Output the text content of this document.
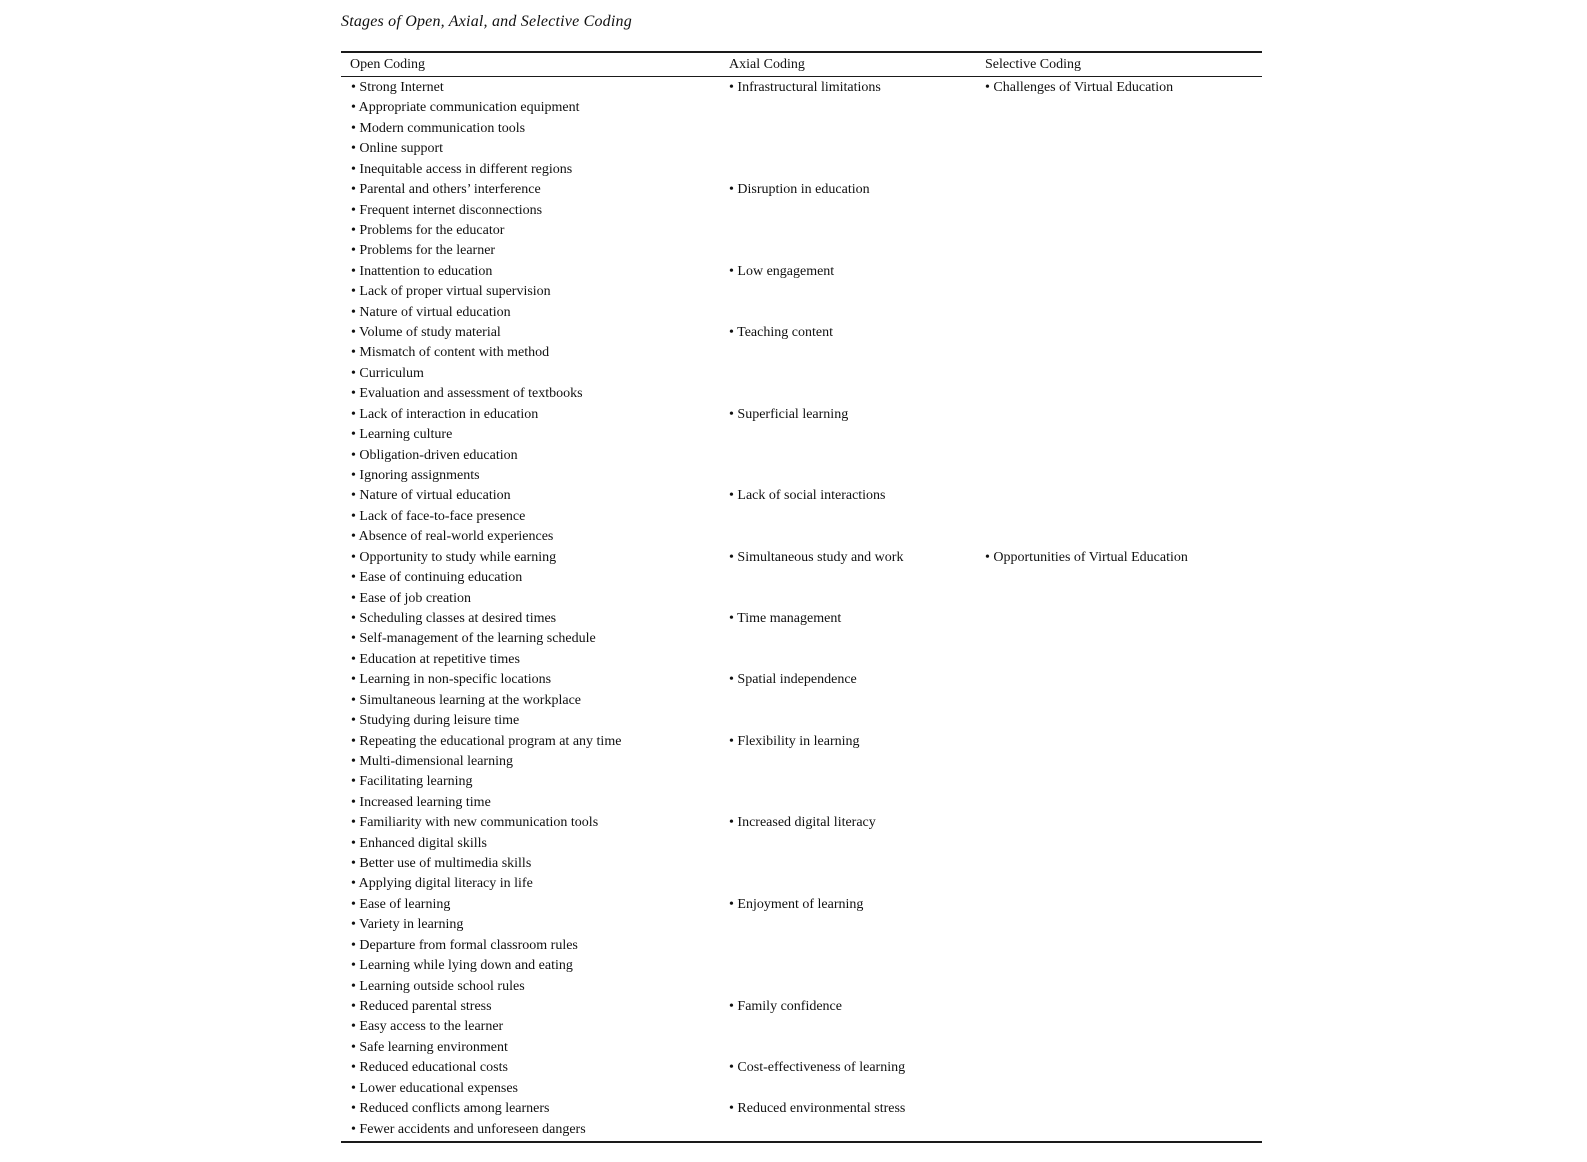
Stages of Open, Axial, and Selective Coding
Open Coding	Axial Coding	Selective Coding
• Strong Internet	• Infrastructural limitations	• Challenges of Virtual Education
• Appropriate communication equipment
• Modern communication tools
• Online support
• Inequitable access in different regions
• Parental and others’ interference	• Disruption in education
• Frequent internet disconnections
• Problems for the educator
• Problems for the learner
• Inattention to education	• Low engagement
• Lack of proper virtual supervision
• Nature of virtual education
• Volume of study material	• Teaching content
• Mismatch of content with method
• Curriculum
• Evaluation and assessment of textbooks
• Lack of interaction in education	• Superficial learning
• Learning culture
• Obligation-driven education
• Ignoring assignments
• Nature of virtual education	• Lack of social interactions
• Lack of face-to-face presence
• Absence of real-world experiences
• Opportunity to study while earning	• Simultaneous study and work	• Opportunities of Virtual Education
• Ease of continuing education
• Ease of job creation
• Scheduling classes at desired times	• Time management
• Self-management of the learning schedule
• Education at repetitive times
• Learning in non-specific locations	• Spatial independence
• Simultaneous learning at the workplace
• Studying during leisure time
• Repeating the educational program at any time	• Flexibility in learning
• Multi-dimensional learning
• Facilitating learning
• Increased learning time
• Familiarity with new communication tools	• Increased digital literacy
• Enhanced digital skills
• Better use of multimedia skills
• Applying digital literacy in life
• Ease of learning	• Enjoyment of learning
• Variety in learning
• Departure from formal classroom rules
• Learning while lying down and eating
• Learning outside school rules
• Reduced parental stress	• Family confidence
• Easy access to the learner
• Safe learning environment
• Reduced educational costs	• Cost-effectiveness of learning
• Lower educational expenses
• Reduced conflicts among learners	• Reduced environmental stress
• Fewer accidents and unforeseen dangers
